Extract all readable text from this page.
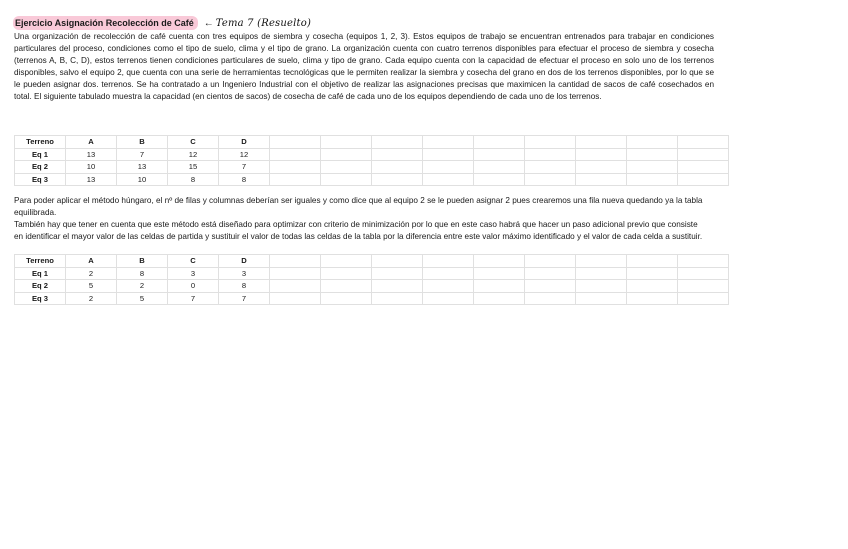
Ejercicio Asignación Recolección de Café	← Tema 7 (Resuelto)

Una organización de recolección de café cuenta con tres equipos de siembra y cosecha (equipos 1, 2, 3). Estos equipos de trabajo se encuentran entrenados para trabajar en condiciones particulares del proceso, condiciones como el tipo de suelo, clima y el tipo de grano. La organización cuenta con cuatro terrenos disponibles para efectuar el proceso de siembra y cosecha (terrenos A, B, C, D), estos terrenos tienen condiciones particulares de suelo, clima y tipo de grano. Cada equipo cuenta con la capacidad de efectuar el proceso en solo uno de los terrenos disponibles, salvo el equipo 2, que cuenta con una serie de herramientas tecnológicas que le permiten realizar la siembra y cosecha del grano en dos de los terrenos disponibles, por lo que se le pueden asignar dos. terrenos. Se ha contratado a un Ingeniero Industrial con el objetivo de realizar las asignaciones precisas que maximicen la cantidad de sacos de café cosechados en total. El siguiente tabulado muestra la capacidad (en cientos de sacos) de cosecha de café de cada uno de los equipos dependiendo de cada uno de los terrenos.

Terreno	A	B	C	D									
Eq 1	13	7	12	12									
Eq 2	10	13	15	7									
Eq 3	13	10	8	8									
Para poder aplicar el método húngaro, el nº de filas y columnas deberían ser iguales y como dice que al equipo 2 se le pueden asignar 2 pues crearemos una fila nueva quedando ya la tabla equilibrada.
También hay que tener en cuenta que este método está diseñado para optimizar con criterio de minimización por lo que en este caso habrá que hacer un paso adicional previo que consiste en identificar el mayor valor de las celdas de partida y sustituir el valor de todas las celdas de la tabla por la diferencia entre este valor máximo identificado y el valor de cada celda a sustituir.
Terreno	A	B	C	D									
Eq 1	2	8	3	3									
Eq 2	5	2	0	8									
Eq 3	2	5	7	7									
